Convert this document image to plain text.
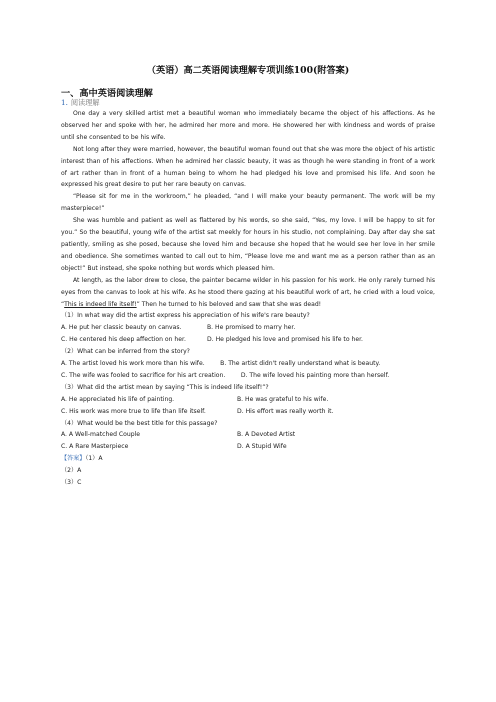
（英语）高二英语阅读理解专项训练100(附答案)
一、高中英语阅读理解
1. 阅读理解

One day a very skilled artist met a beautiful woman who immediately became the object of his affections. As he observed her and spoke with her, he admired her more and more. He showered her with kindness and words of praise until she consented to be his wife.

Not long after they were married, however, the beautiful woman found out that she was more the object of his artistic interest than of his affections. When he admired her classic beauty, it was as though he were standing in front of a work of art rather than in front of a human being to whom he had pledged his love and promised his life. And soon he expressed his great desire to put her rare beauty on canvas.

“Please sit for me in the workroom,” he pleaded, “and I will make your beauty permanent. The work will be my masterpiece!”

She was humble and patient as well as flattered by his words, so she said, “Yes, my love. I will be happy to sit for you.” So the beautiful, young wife of the artist sat meekly for hours in his studio, not complaining. Day after day she sat patiently, smiling as she posed, because she loved him and because she hoped that he would see her love in her smile and obedience. She sometimes wanted to call out to him, “Please love me and want me as a person rather than as an object!” But instead, she spoke nothing but words which pleased him.

At length, as the labor drew to close, the painter became wilder in his passion for his work. He only rarely turned his eyes from the canvas to look at his wife. As he stood there gazing at his beautiful work of art, he cried with a loud voice, “This is indeed life itself!” Then he turned to his beloved and saw that she was dead!

（1）In what way did the artist express his appreciation of his wife's rare beauty?
A. He put her classic beauty on canvas.	B. He promised to marry her.
C. He centered his deep affection on her.	D. He pledged his love and promised his life to her.
（2）What can be inferred from the story?

A. The artist loved his work more than his wife.	B. The artist didn't really understand what is beauty.

C. The wife was fooled to sacrifice for his art creation.	D. The wife loved his painting more than herself.

（3）What did the artist mean by saying “This is indeed life itself!”?
A. He appreciated his life of painting.	B. He was grateful to his wife.
C. His work was more true to life than life itself.	D. His effort was really worth it.
（4）What would be the best title for this passage?
A. A Well-matched Couple	B. A Devoted Artist
C. A Rare Masterpiece	D. A Stupid Wife
【答案】（1）A
（2）A
（3）C
